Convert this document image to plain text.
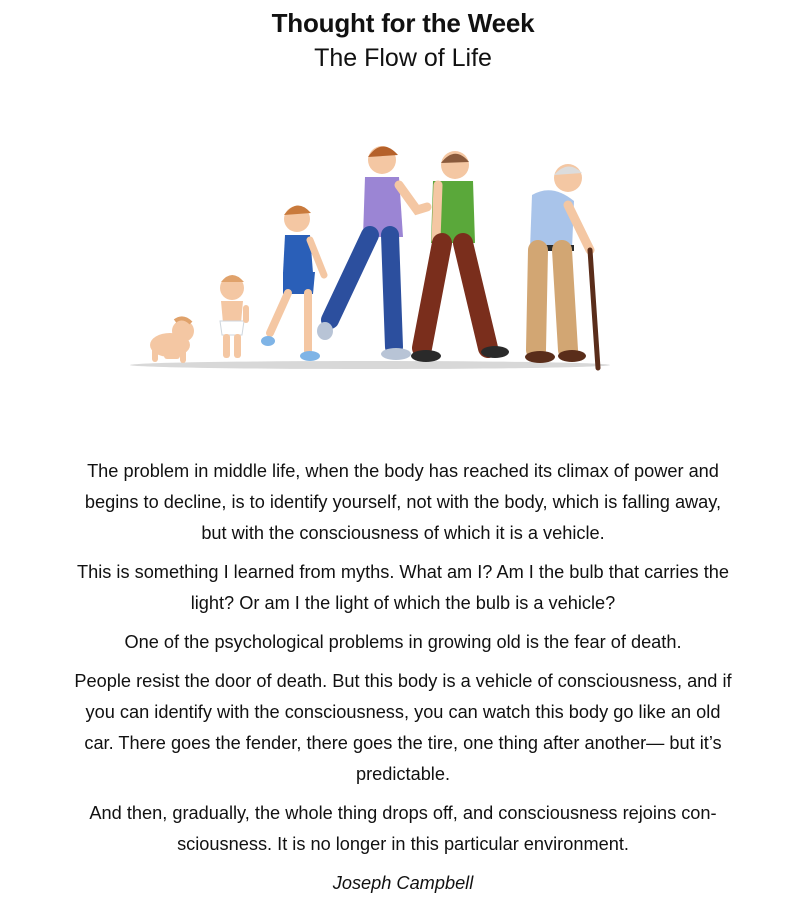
Thought for the Week
The Flow of Life

The problem in middle life, when the body has reached its climax of power and
begins to decline, is to identify yourself, not with the body, which is falling away,
but with the consciousness of which it is a vehicle.

This is something I learned from myths. What am I? Am I the bulb that carries the
light? Or am I the light of which the bulb is a vehicle?

One of the psychological problems in growing old is the fear of death.

People resist the door of death. But this body is a vehicle of consciousness, and if
you can identify with the consciousness, you can watch this body go like an old
car. There goes the fender, there goes the tire, one thing after another— but it’s
predictable.

And then, gradually, the whole thing drops off, and consciousness rejoins con-
sciousness. It is no longer in this particular environment.

Joseph Campbell
